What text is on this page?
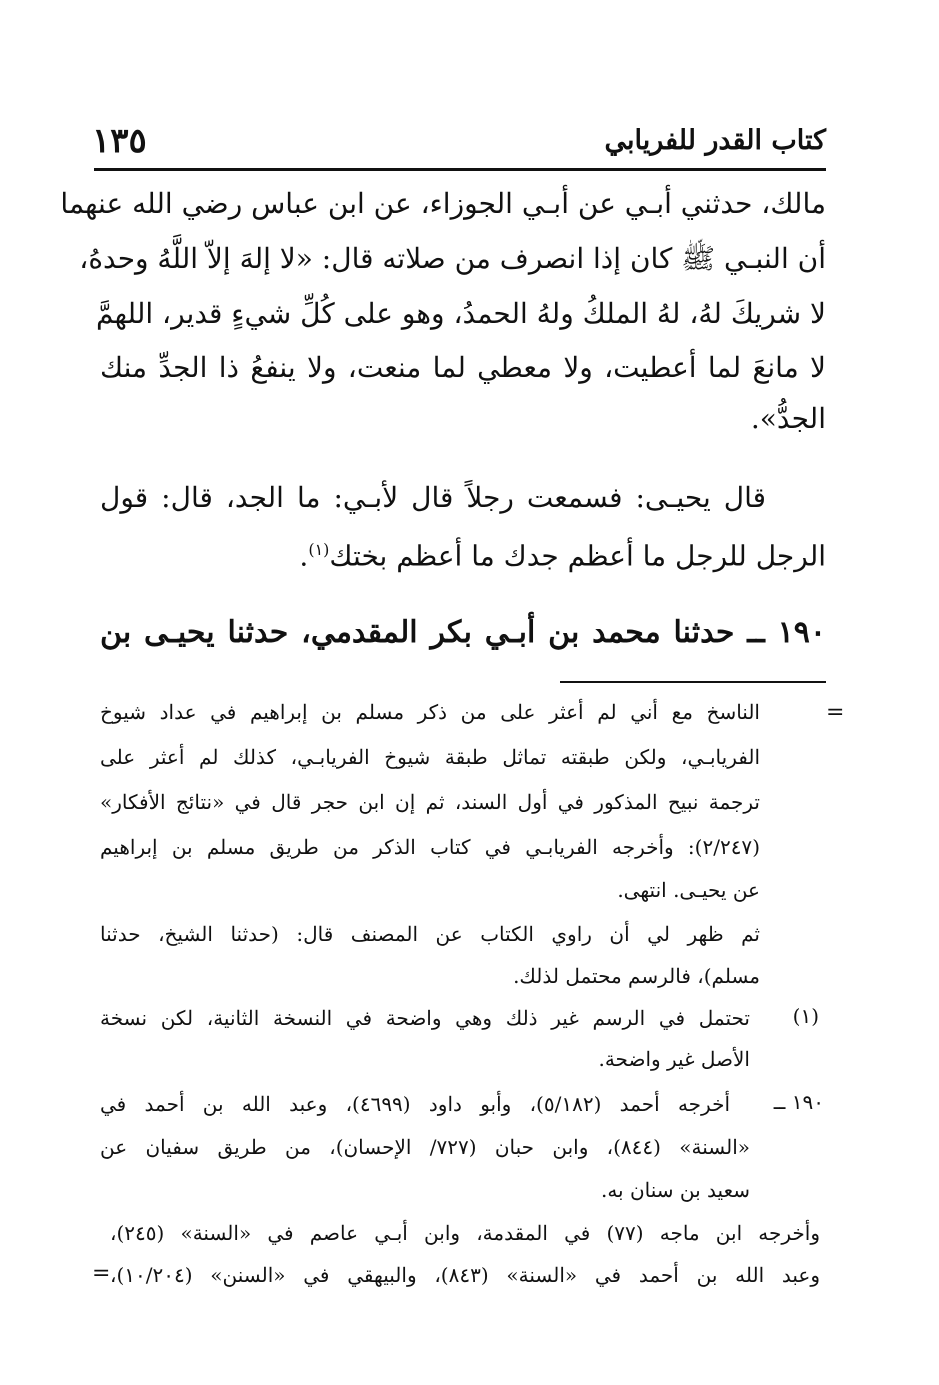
كتاب القدر للفريابي
١٣٥
مالك، حدثني أبـي عن أبـي الجوزاء، عن ابن عباس رضي الله عنهما
أن النبـي ﷺ كان إذا انصرف من صلاته قال: «لا إلهَ إلاّ اللَّهُ وحدهُ،
لا شريكَ لهُ، لهُ الملكُ ولهُ الحمدُ، وهو على كُلِّ شيءٍ قدير، اللهمَّ
لا مانعَ لما أعطيت، ولا معطي لما منعت، ولا ينفعُ ذا الجدِّ منك
الجدُّ».
قال يحيـى: فسمعت رجلاً قال لأبـي: ما الجد، قال: قول
الرجل للرجل ما أعظم جدك ما أعظم بختك$^{(١)}$.
١٩٠ ــ حدثنا محمد بن أبـي بكر المقدمي، حدثنا يحيـى بن
=
الناسخ مع أني لم أعثر على من ذكر مسلم بن إبراهيم في عداد شيوخ
الفريابـي، ولكن طبقته تماثل طبقة شيوخ الفريابـي، كذلك لم أعثر على
ترجمة نبيح المذكور في أول السند، ثم إن ابن حجر قال في «نتائج الأفكار»
(٢/٢٤٧): وأخرجه الفريابـي في كتاب الذكر من طريق مسلم بن إبراهيم
عن يحيـى. انتهى.
ثم ظهر لي أن راوي الكتاب عن المصنف قال: (حدثنا الشيخ، حدثنا
مسلم)، فالرسم محتمل لذلك.
(١)
تحتمل في الرسم غير ذلك وهي واضحة في النسخة الثانية، لكن نسخة
الأصل غير واضحة.
١٩٠ ــ
أخرجه أحمد (٥/١٨٢)، وأبو داود (٤٦٩٩)، وعبد الله بن أحمد في
«السنة» (٨٤٤)، وابن حبان (٧٢٧/ الإحسان)، من طريق سفيان عن
سعيد بن سنان به.
وأخرجه ابن ماجه (٧٧) في المقدمة، وابن أبـي عاصم في «السنة» (٢٤٥)،
وعبد الله بن أحمد في «السنة» (٨٤٣)، والبيهقي في «السنن» (١٠/٢٠٤)،
=
